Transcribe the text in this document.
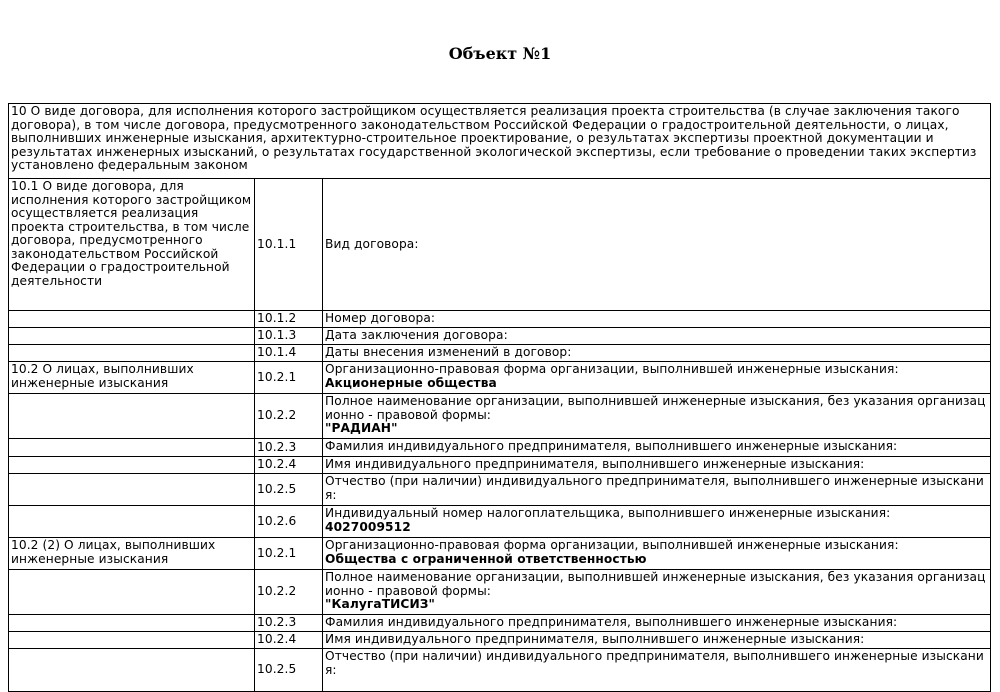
Объект №1
10 О виде договора, для исполнения которого застройщиком осуществляется реализация проекта строительства (в случае заключения такого договора), в том числе договора, предусмотренного законодательством Российской Федерации о градостроительной деятельности, о лицах, выполнивших инженерные изыскания, архитектурно-строительное проектирование, о результатах экспертизы проектной документации и результатах инженерных изысканий, о результатах государственной экологической экспертизы, если требование о проведении таких экспертиз установлено федеральным законом		
10.1 О виде договора, для исполнения которого застройщиком осуществляется реализация проекта строительства, в том числе договора, предусмотренного законодательством Российской Федерации о градостроительной деятельности	10.1.1	Вид договора:
	10.1.2	Номер договора:
	10.1.3	Дата заключения договора:
	10.1.4	Даты внесения изменений в договор:
10.2 О лицах, выполнивших инженерные изыскания	10.2.1	Организационно-правовая форма организации, выполнившей инженерные изыскания:
Акционерные общества
	10.2.2	Полное наименование организации, выполнившей инженерные изыскания, без указания организационно - правовой формы:
"РАДИАН"
	10.2.3	Фамилия индивидуального предпринимателя, выполнившего инженерные изыскания:
	10.2.4	Имя индивидуального предпринимателя, выполнившего инженерные изыскания:
	10.2.5	Отчество (при наличии) индивидуального предпринимателя, выполнившего инженерные изыскания:
	10.2.6	Индивидуальный номер налогоплательщика, выполнившего инженерные изыскания:
4027009512
10.2 (2) О лицах, выполнивших инженерные изыскания	10.2.1	Организационно-правовая форма организации, выполнившей инженерные изыскания:
Общества с ограниченной ответственностью
	10.2.2	Полное наименование организации, выполнившей инженерные изыскания, без указания организационно - правовой формы:
"КалугаТИСИЗ"
	10.2.3	Фамилия индивидуального предпринимателя, выполнившего инженерные изыскания:
	10.2.4	Имя индивидуального предпринимателя, выполнившего инженерные изыскания:
	10.2.5	Отчество (при наличии) индивидуального предпринимателя, выполнившего инженерные изыскания:
